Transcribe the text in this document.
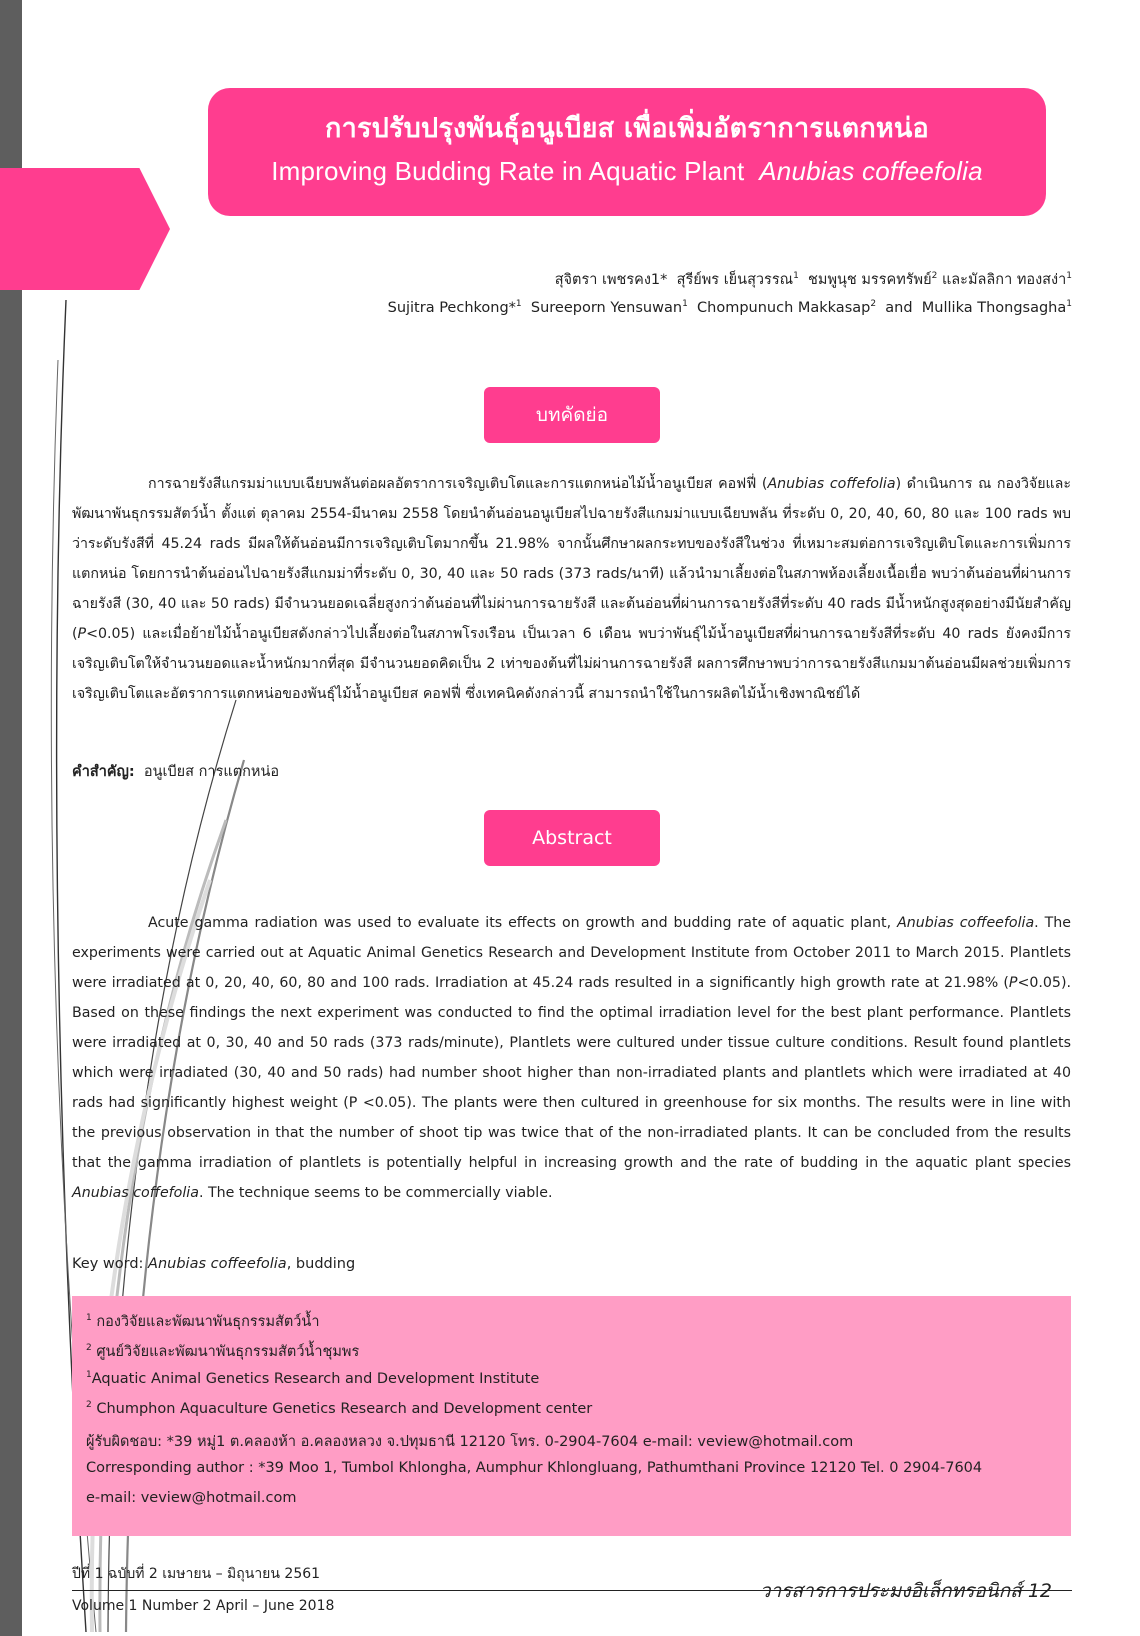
การปรับปรุงพันธุ์อนูเบียส เพื่อเพิ่มอัตราการแตกหน่อ
Improving Budding Rate in Aquatic Plant Anubias coffeefolia
สุจิตรา เพชรคง1* สุรีย์พร เย็นสุวรรณ$^1$ ชมพูนุช มรรคทรัพย์$^2$ และมัลลิกา ทองสง่า$^1$
Sujitra Pechkong*$^1$ Sureeporn Yensuwan$^1$ Chompunuch Makkasap$^2$ and Mullika Thongsagha$^1$
บทคัดย่อ
การฉายรังสีแกรมม่าแบบเฉียบพลันต่อผลอัตราการเจริญเติบโตและการแตกหน่อไม้น้ำอนูเบียส คอฟฟี่ (Anubias coffefolia) ดำเนินการ ณ กองวิจัยและพัฒนาพันธุกรรมสัตว์น้ำ ตั้งแต่ ตุลาคม 2554-มีนาคม 2558 โดยนำต้นอ่อนอนูเบียสไปฉายรังสีแกมม่าแบบเฉียบพลัน ที่ระดับ 0, 20, 40, 60, 80 และ 100 rads พบว่าระดับรังสีที่ 45.24 rads มีผลให้ต้นอ่อนมีการเจริญเติบโตมากขึ้น 21.98% จากนั้นศึกษาผลกระทบของรังสีในช่วง ที่เหมาะสมต่อการเจริญเติบโตและการเพิ่มการแตกหน่อ โดยการนำต้นอ่อนไปฉายรังสีแกมม่าที่ระดับ 0, 30, 40 และ 50 rads (373 rads/นาที) แล้วนำมาเลี้ยงต่อในสภาพห้องเลี้ยงเนื้อเยื่อ พบว่าต้นอ่อนที่ผ่านการฉายรังสี (30, 40 และ 50 rads) มีจำนวนยอดเฉลี่ยสูงกว่าต้นอ่อนที่ไม่ผ่านการฉายรังสี และต้นอ่อนที่ผ่านการฉายรังสีที่ระดับ 40 rads มีน้ำหนักสูงสุดอย่างมีนัยสำคัญ (P<0.05) และเมื่อย้ายไม้น้ำอนูเบียสดังกล่าวไปเลี้ยงต่อในสภาพโรงเรือน เป็นเวลา 6 เดือน พบว่าพันธุ์ไม้น้ำอนูเบียสที่ผ่านการฉายรังสีที่ระดับ 40 rads ยังคงมีการเจริญเติบโตให้จำนวนยอดและน้ำหนักมากที่สุด มีจำนวนยอดคิดเป็น 2 เท่าของต้นที่ไม่ผ่านการฉายรังสี ผลการศึกษาพบว่าการฉายรังสีแกมมาต้นอ่อนมีผลช่วยเพิ่มการเจริญเติบโตและอัตราการแตกหน่อของพันธุ์ไม้น้ำอนูเบียส คอฟฟี่ ซึ่งเทคนิคดังกล่าวนี้ สามารถนำใช้ในการผลิตไม้น้ำเชิงพาณิชย์ได้
คำสำคัญ: อนูเบียส การแตกหน่อ
Abstract
Acute gamma radiation was used to evaluate its effects on growth and budding rate of aquatic plant, Anubias coffeefolia. The experiments were carried out at Aquatic Animal Genetics Research and Development Institute from October 2011 to March 2015. Plantlets were irradiated at 0, 20, 40, 60, 80 and 100 rads. Irradiation at 45.24 rads resulted in a significantly high growth rate at 21.98% (P<0.05). Based on these findings the next experiment was conducted to find the optimal irradiation level for the best plant performance. Plantlets were irradiated at 0, 30, 40 and 50 rads (373 rads/minute), Plantlets were cultured under tissue culture conditions. Result found plantlets which were irradiated (30, 40 and 50 rads) had number shoot higher than non-irradiated plants and plantlets which were irradiated at 40 rads had significantly highest weight (P <0.05). The plants were then cultured in greenhouse for six months. The results were in line with the previous observation in that the number of shoot tip was twice that of the non-irradiated plants. It can be concluded from the results that the gamma irradiation of plantlets is potentially helpful in increasing growth and the rate of budding in the aquatic plant species Anubias coffefolia. The technique seems to be commercially viable.
Key word: Anubias coffeefolia, budding
$^1$ กองวิจัยและพัฒนาพันธุกรรมสัตว์น้ำ
$^2$ ศูนย์วิจัยและพัฒนาพันธุกรรมสัตว์น้ำชุมพร
$^1$Aquatic Animal Genetics Research and Development Institute
$^2$ Chumphon Aquaculture Genetics Research and Development center
ผู้รับผิดชอบ: *39 หมู่1 ต.คลองห้า อ.คลองหลวง จ.ปทุมธานี 12120 โทร. 0-2904-7604 e-mail: veview@hotmail.com
Corresponding author : *39 Moo 1, Tumbol Khlongha, Aumphur Khlongluang, Pathumthani Province 12120 Tel. 0 2904-7604
e-mail: veview@hotmail.com
ปีที่ 1 ฉบับที่ 2 เมษายน – มิถุนายน 2561
Volume 1 Number 2 April – June 2018
วารสารการประมงอิเล็กทรอนิกส์ 12
